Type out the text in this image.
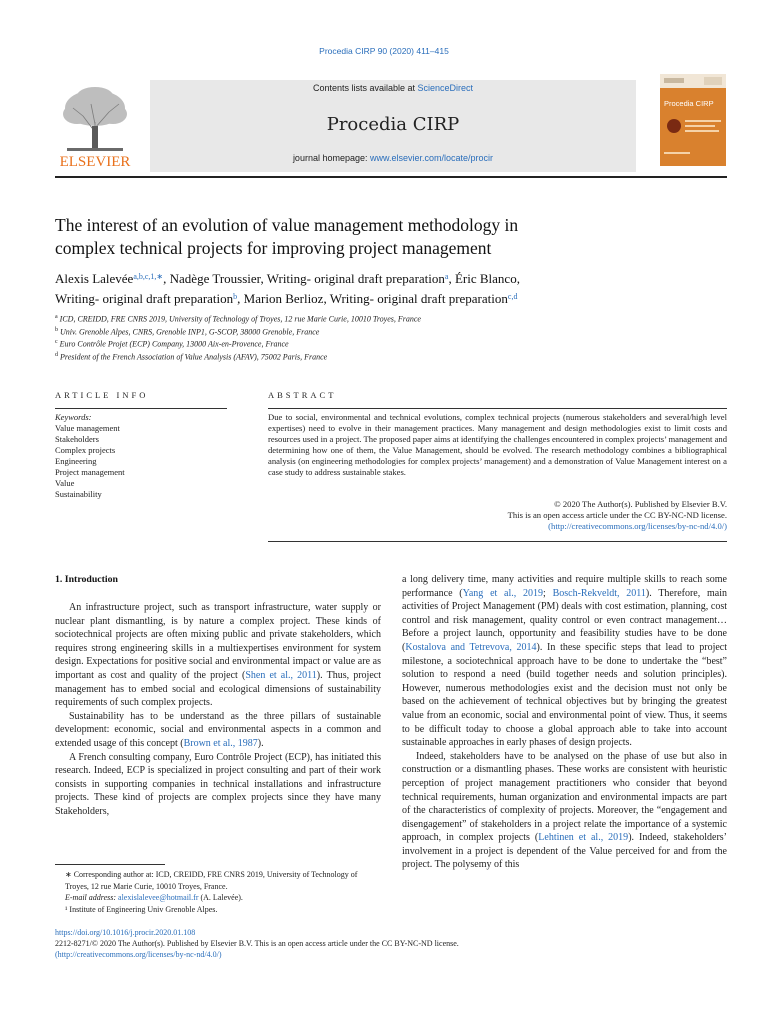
Procedia CIRP 90 (2020) 411–415
Contents lists available at ScienceDirect
Procedia CIRP
journal homepage: www.elsevier.com/locate/procir
ELSEVIER
Procedia CIRP
The interest of an evolution of value management methodology in
complex technical projects for improving project management
Alexis Lalevée$^{a,b,c,1,∗}$, Nadège Troussier, Writing- original draft preparation$^a$, Éric Blanco,
Writing- original draft preparation$^b$, Marion Berlioz, Writing- original draft preparation$^{c,d}$
$^a$ ICD, CREIDD, FRE CNRS 2019, University of Technology of Troyes, 12 rue Marie Curie, 10010 Troyes, France
$^b$ Univ. Grenoble Alpes, CNRS, Grenoble INP1, G-SCOP, 38000 Grenoble, France
$^c$ Euro Contrôle Projet (ECP) Company, 13000 Aix-en-Provence, France
$^d$ President of the French Association of Value Analysis (AFAV), 75002 Paris, France
ARTICLE INFO	ABSTRACT
Keywords:
Value management
Stakeholders
Complex projects
Engineering
Project management
Value
Sustainability
Due to social, environmental and technical evolutions, complex technical projects (numerous stakeholders and several/high level expertises) need to evolve in their management practices. Many management and design methodologies exist to limit costs and resources used in a project. The proposed paper aims at identifying the challenges encountered in complex projects’ management and determining how one of them, the Value Management, should be evolved. The research methodology combines a bibliographical analysis (on engineering methodologies for complex projects’ management) and a demonstration of Value Management interest on a case study to address sustainable stakes.
© 2020 The Author(s). Published by Elsevier B.V.
This is an open access article under the CC BY-NC-ND license.
(http://creativecommons.org/licenses/by-nc-nd/4.0/)
1. Introduction

An infrastructure project, such as transport infrastructure, water supply or nuclear plant dismantling, is by nature a complex project. These kinds of sociotechnical projects are often mixing public and private stakeholders, which requires strong engineering skills in a multiexpertises environment for system design. Expectations for positive social and environmental impact or value are as important as cost and quality of the project (Shen et al., 2011). Thus, project management has to embed social and ecological dimensions of sustainability requirements of such complex projects.

Sustainability has to be understand as the three pillars of sustainable development: economic, social and environmental aspects in a common and extended usage of this concept (Brown et al., 1987).

A French consulting company, Euro Contrôle Project (ECP), has initiated this research. Indeed, ECP is specialized in project consulting and part of their work consists in supporting companies in technical installations and infrastructure projects. These kind of projects are complex projects since they have many Stakeholders,

a long delivery time, many activities and require multiple skills to reach some performance (Yang et al., 2019; Bosch-Rekveldt, 2011). Therefore, main activities of Project Management (PM) deals with cost estimation, planning, cost control and risk management, quality control or even contract management… Before a project launch, opportunity and feasibility studies have to be done (Kostalova and Tetrevova, 2014). In these specific steps that lead to project milestone, a sociotechnical approach have to be done to undertake the “best” solution to respond a need (build together needs and solution principles). However, numerous methodologies exist and the decision must not only be based on the achievement of technical objectives but by bringing the greatest value from an economic, social and environmental point of view. Thus, it seems to be difficult today to choose a global approach able to take into account sustainable approaches in early phases of design projects.

Indeed, stakeholders have to be analysed on the phase of use but also in construction or a dismantling phases. These works are consistent with heuristic perception of project management practitioners who consider that beyond technical requirements, human organization and environmental impacts are part of the characteristics of complexity of projects. Moreover, the “engagement and disengagement” of stakeholders in a project relate the importance of a systemic approach, in complex projects (Lehtinen et al., 2019). Indeed, stakeholders’ involvement in a project is dependent of the Value perceived for and from the project. The polysemy of this

∗ Corresponding author at: ICD, CREIDD, FRE CNRS 2019, University of Technology of Troyes, 12 rue Marie Curie, 10010 Troyes, France.

E-mail address: alexislalevee@hotmail.fr (A. Lalevée).

¹ Institute of Engineering Univ Grenoble Alpes.

https://doi.org/10.1016/j.procir.2020.01.108
2212-8271/© 2020 The Author(s). Published by Elsevier B.V. This is an open access article under the CC BY-NC-ND license.
(http://creativecommons.org/licenses/by-nc-nd/4.0/)
